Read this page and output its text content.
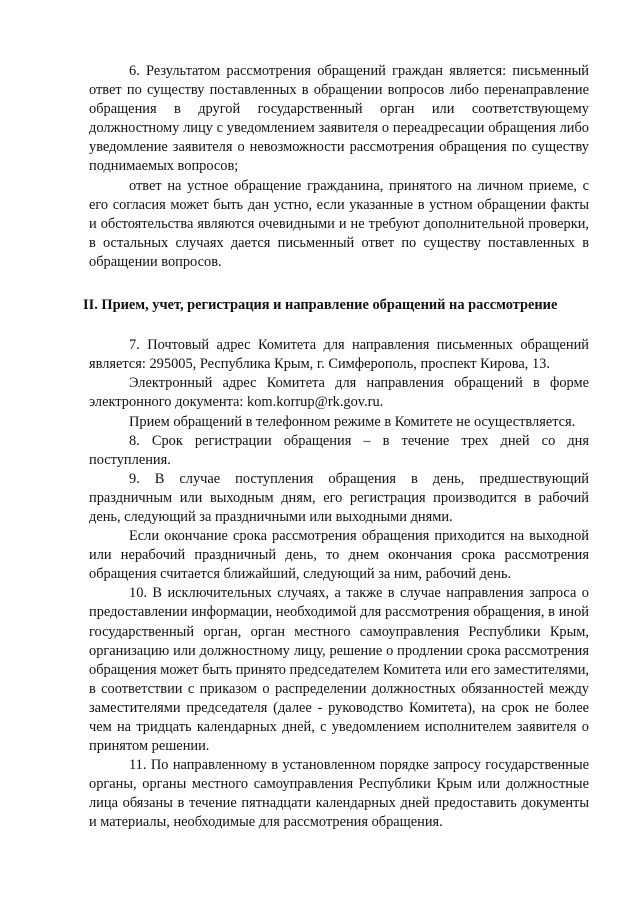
6. Результатом рассмотрения обращений граждан является: письменный ответ по существу поставленных в обращении вопросов либо перенаправление обращения в другой государственный орган или соответствующему должностному лицу с уведомлением заявителя о переадресации обращения либо уведомление заявителя о невозможности рассмотрения обращения по существу поднимаемых вопросов;

ответ на устное обращение гражданина, принятого на личном приеме, с его согласия может быть дан устно, если указанные в устном обращении факты и обстоятельства являются очевидными и не требуют дополнительной проверки, в остальных случаях дается письменный ответ по существу поставленных в обращении вопросов.

II. Прием, учет, регистрация и направление обращений на рассмотрение

7. Почтовый адрес Комитета для направления письменных обращений является: 295005, Республика Крым, г. Симферополь, проспект Кирова, 13.

Электронный адрес Комитета для направления обращений в форме электронного документа: kom.korrup@rk.gov.ru.

Прием обращений в телефонном режиме в Комитете не осуществляется.

8. Срок регистрации обращения – в течение трех дней со дня поступления.

9. В случае поступления обращения в день, предшествующий праздничным или выходным дням, его регистрация производится в рабочий день, следующий за праздничными или выходными днями.

Если окончание срока рассмотрения обращения приходится на выходной или нерабочий праздничный день, то днем окончания срока рассмотрения обращения считается ближайший, следующий за ним, рабочий день.

10. В исключительных случаях, а также в случае направления запроса о предоставлении информации, необходимой для рассмотрения обращения, в иной государственный орган, орган местного самоуправления Республики Крым, организацию или должностному лицу, решение о продлении срока рассмотрения обращения может быть принято председателем Комитета или его заместителями, в соответствии с приказом о распределении должностных обязанностей между заместителями председателя (далее - руководство Комитета), на срок не более чем на тридцать календарных дней, с уведомлением исполнителем заявителя о принятом решении.

11. По направленному в установленном порядке запросу государственные органы, органы местного самоуправления Республики Крым или должностные лица обязаны в течение пятнадцати календарных дней предоставить документы и материалы, необходимые для рассмотрения обращения.
